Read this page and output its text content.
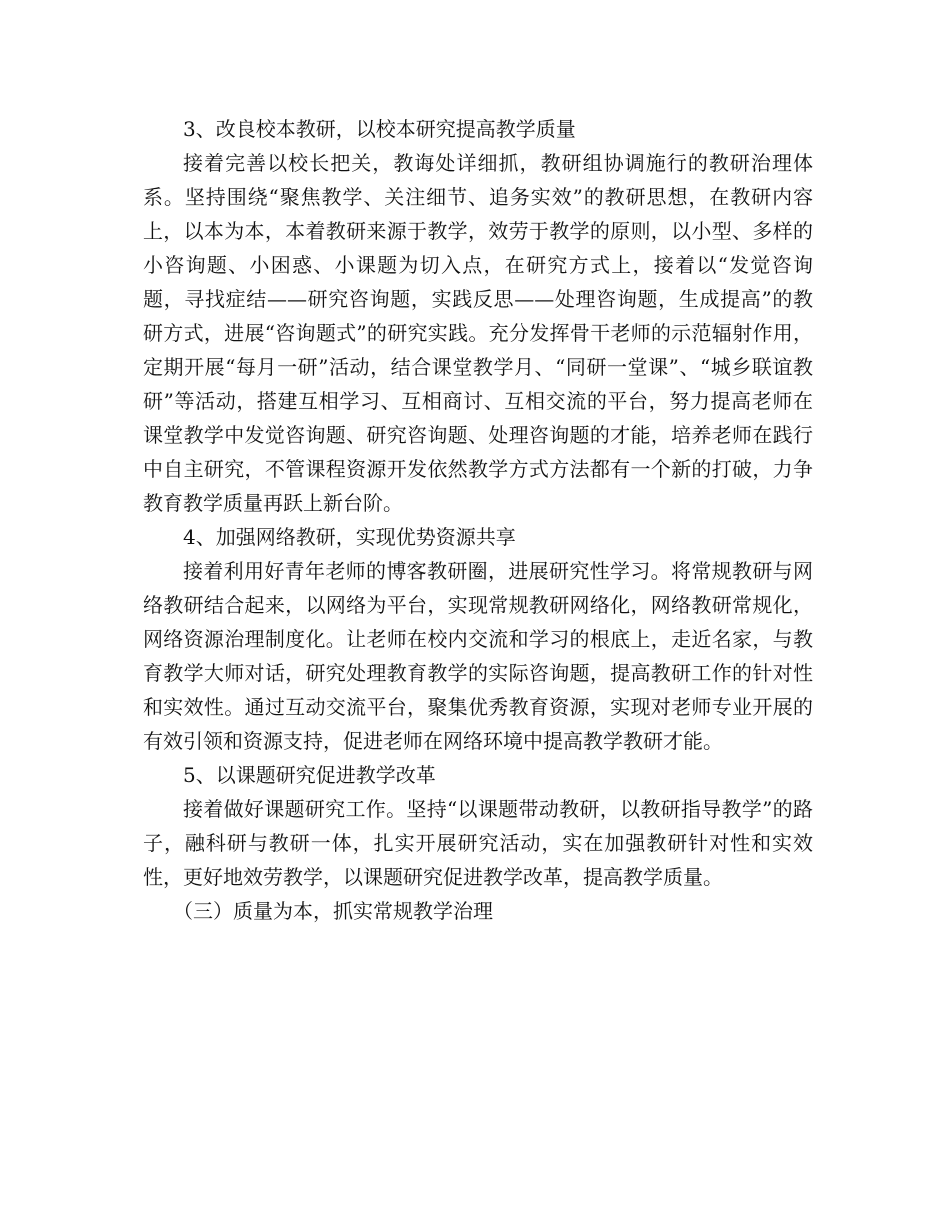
3、改良校本教研，以校本研究提高教学质量

接着完善以校长把关，教诲处详细抓，教研组协调施行的教研治理体系。坚持围绕“聚焦教学、关注细节、追务实效”的教研思想，在教研内容上，以本为本，本着教研来源于教学，效劳于教学的原则，以小型、多样的小咨询题、小困惑、小课题为切入点，在研究方式上，接着以“发觉咨询题，寻找症结——研究咨询题，实践反思——处理咨询题，生成提高”的教研方式，进展“咨询题式”的研究实践。充分发挥骨干老师的示范辐射作用，定期开展“每月一研”活动，结合课堂教学月、“同研一堂课”、“城乡联谊教研”等活动，搭建互相学习、互相商讨、互相交流的平台，努力提高老师在课堂教学中发觉咨询题、研究咨询题、处理咨询题的才能，培养老师在践行中自主研究，不管课程资源开发依然教学方式方法都有一个新的打破，力争教育教学质量再跃上新台阶。

4、加强网络教研，实现优势资源共享

接着利用好青年老师的博客教研圈，进展研究性学习。将常规教研与网络教研结合起来，以网络为平台，实现常规教研网络化，网络教研常规化，网络资源治理制度化。让老师在校内交流和学习的根底上，走近名家，与教育教学大师对话，研究处理教育教学的实际咨询题，提高教研工作的针对性和实效性。通过互动交流平台，聚集优秀教育资源，实现对老师专业开展的有效引领和资源支持，促进老师在网络环境中提高教学教研才能。

5、以课题研究促进教学改革

接着做好课题研究工作。坚持“以课题带动教研，以教研指导教学”的路子，融科研与教研一体，扎实开展研究活动，实在加强教研针对性和实效性，更好地效劳教学，以课题研究促进教学改革，提高教学质量。

（三）质量为本，抓实常规教学治理
